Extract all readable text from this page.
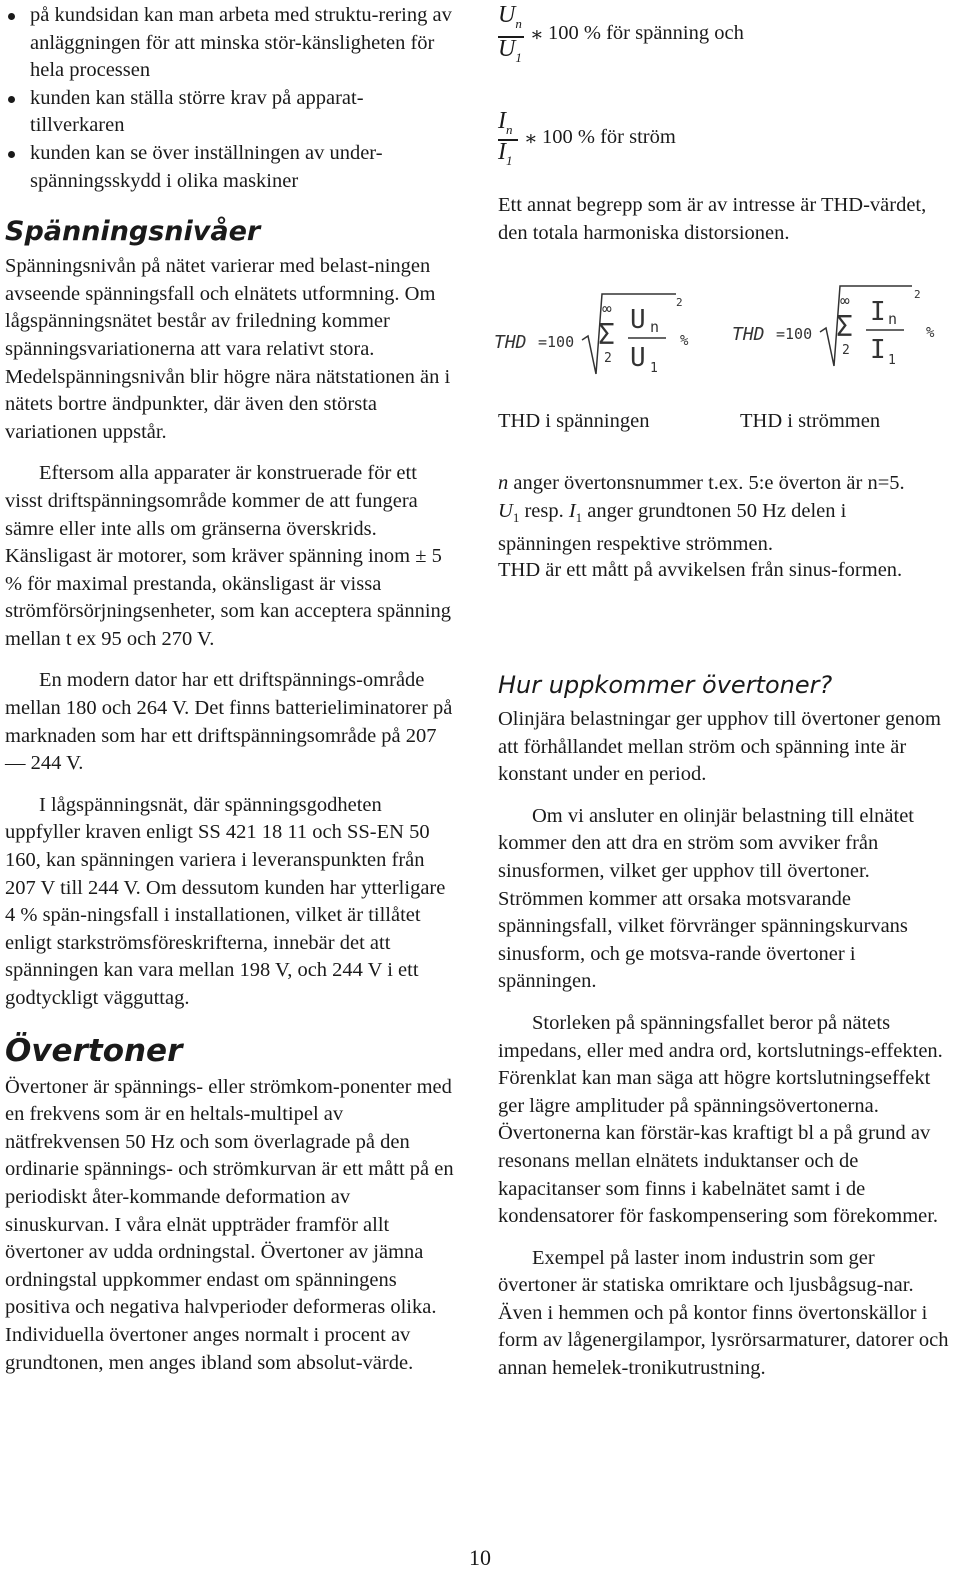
på kundsidan kan man arbeta med struktu-rering av anläggningen för att minska stör-känsligheten för hela processen
kunden kan ställa större krav på apparat-tillverkaren
kunden kan se över inställningen av under-spänningsskydd i olika maskiner
Spänningsnivåer

Spänningsnivån på nätet varierar med belast-ningen avseende spänningsfall och elnätets utformning. Om lågspänningsnätet består av friledning kommer spänningsvariationerna att vara relativt stora. Medelspänningsnivån blir högre nära nätstationen än i nätets bortre ändpunkter, där även den största variationen uppstår.

Eftersom alla apparater är konstruerade för ett visst driftspänningsområde kommer de att fungera sämre eller inte alls om gränserna överskrids. Känsligast är motorer, som kräver spänning inom ± 5 % för maximal prestanda, okänsligast är vissa strömförsörjningsenheter, som kan acceptera spänning mellan t ex 95 och 270 V.

En modern dator har ett driftspännings-område mellan 180 och 264 V. Det finns batterieliminatorer på marknaden som har ett driftspänningsområde på 207 — 244 V.

I lågspänningsnät, där spänningsgodheten uppfyller kraven enligt SS 421 18 11 och SS-EN 50 160, kan spänningen variera i leveranspunkten från 207 V till 244 V. Om dessutom kunden har ytterligare 4 % spän-ningsfall i installationen, vilket är tillåtet enligt starkströmsföreskrifterna, innebär det att spänningen kan vara mellan 198 V, och 244 V i ett godtyckligt vägguttag.

Övertoner

Övertoner är spännings- eller strömkom-ponenter med en frekvens som är en heltals-multipel av nätfrekvensen 50 Hz och som överlagrade på den ordinarie spännings- och strömkurvan är ett mått på en periodiskt åter-kommande deformation av sinuskurvan. I våra elnät uppträder framför allt övertoner av udda ordningstal. Övertoner av jämna ordningstal uppkommer endast om spänningens positiva och negativa halvperioder deformeras olika. Individuella övertoner anges normalt i procent av grundtonen, men anges ibland som absolut-värde.

$U_n$
$U_1$
∗ 100 % för spänning och
$I_n$
$I_1$
∗ 100 % för ström

Ett annat begrepp som är av intresse är THD-värdet, den totala harmoniska distorsionen.

THD =100
∞
Σ
2
U n
U 1
2
% THD =100
∞
Σ
2
I n
I 1
2
%
THD i spänningen	THD i strömmen

n anger övertonsnummer t.ex. 5:e överton är n=5.

$U_1$ resp. $I_1$ anger grundtonen 50 Hz delen i spänningen respektive strömmen.

THD är ett mått på avvikelsen från sinus-formen.

Hur uppkommer övertoner?

Olinjära belastningar ger upphov till övertoner genom att förhållandet mellan ström och spänning inte är konstant under en period.

Om vi ansluter en olinjär belastning till elnätet kommer den att dra en ström som avviker från sinusformen, vilket ger upphov till övertoner. Strömmen kommer att orsaka motsvarande spänningsfall, vilket förvränger spänningskurvans sinusform, och ge motsva-rande övertoner i spänningen.

Storleken på spänningsfallet beror på nätets impedans, eller med andra ord, kortslutnings-effekten. Förenklat kan man säga att högre kortslutningseffekt ger lägre amplituder på spänningsövertonerna. Övertonerna kan förstär-kas kraftigt bl a på grund av resonans mellan elnätets induktanser och de kapacitanser som finns i kabelnätet samt i de kondensatorer för faskompensering som förekommer.

Exempel på laster inom industrin som ger övertoner är statiska omriktare och ljusbågsug-nar. Även i hemmen och på kontor finns övertonskällor i form av lågenergilampor, lysrörsarmaturer, datorer och annan hemelek-tronikutrustning.

10
